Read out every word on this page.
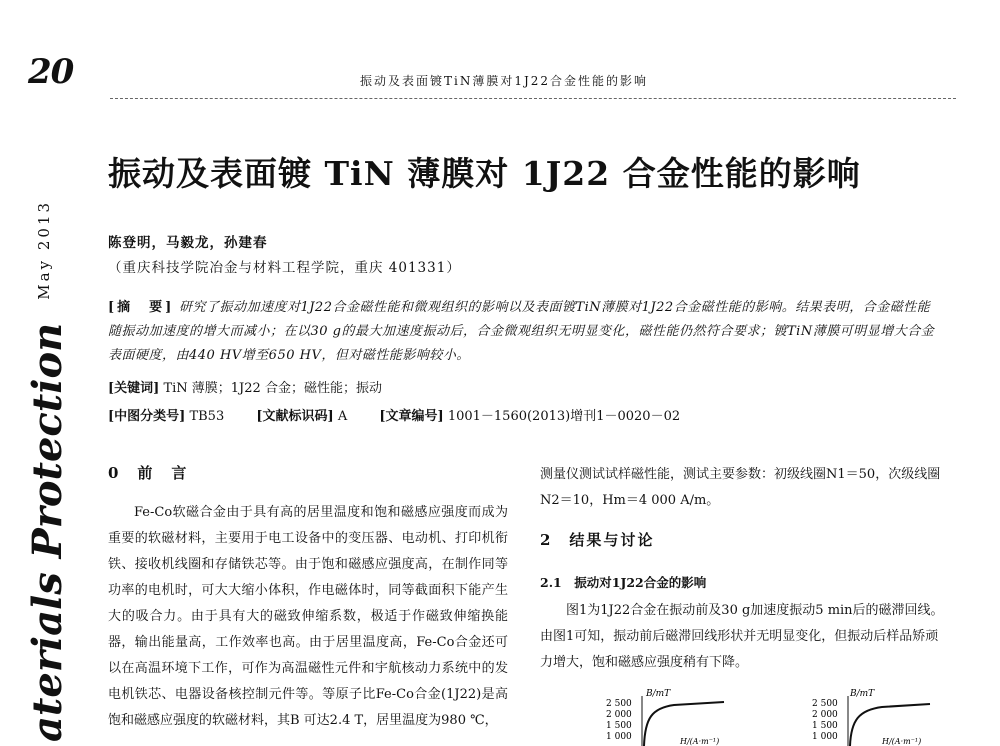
20	振动及表面镀TiN薄膜对1J22合金性能的影响
aterials Protection May 2013
振动及表面镀 TiN 薄膜对 1J22 合金性能的影响
陈登明，马毅龙，孙建春
（重庆科技学院冶金与材料工程学院，重庆 401331）
[摘　要] 研究了振动加速度对1J22合金磁性能和微观组织的影响以及表面镀TiN薄膜对1J22合金磁性能的影响。结果表明，合金磁性能随振动加速度的增大而减小；在以30 g的最大加速度振动后，合金微观组织无明显变化，磁性能仍然符合要求；镀TiN薄膜可明显增大合金表面硬度，由440 HV增至650 HV，但对磁性能影响较小。
[关键词] TiN 薄膜；1J22 合金；磁性能；振动
[中图分类号] TB53 [文献标识码] A [文章编号] 1001－1560(2013)增刊1－0020－02
0　前　言
Fe-Co软磁合金由于具有高的居里温度和饱和磁感应强度而成为重要的软磁材料，主要用于电工设备中的变压器、电动机、打印机衔铁、接收机线圈和存储铁芯等。由于饱和磁感应强度高，在制作同等功率的电机时，可大大缩小体积，作电磁体时，同等截面积下能产生大的吸合力。由于具有大的磁致伸缩系数，极适于作磁致伸缩换能器，输出能量高，工作效率也高。由于居里温度高，Fe-Co合金还可以在高温环境下工作，可作为高温磁性元件和宇航核动力系统中的发电机铁芯、电器设备核控制元件等。等原子比Fe-Co合金(1J22)是高饱和磁感应强度的软磁材料，其B 可达2.4 T，居里温度为980 ℃，
测量仪测试试样磁性能，测试主要参数：初级线圈N1＝50，次级线圈N2＝10，Hm＝4 000 A/m。
2　结果与讨论
2.1　振动对1J22合金的影响
图1为1J22合金在振动前及30 g加速度振动5 min后的磁滞回线。由图1可知，振动前后磁滞回线形状并无明显变化，但振动后样品矫顽力增大，饱和磁感应强度稍有下降。
B/mT
2 500
2 000
1 500
1 000	H/(A·m⁻¹)
B/mT
2 500
2 000
1 500
1 000	H/(A·m⁻¹)
